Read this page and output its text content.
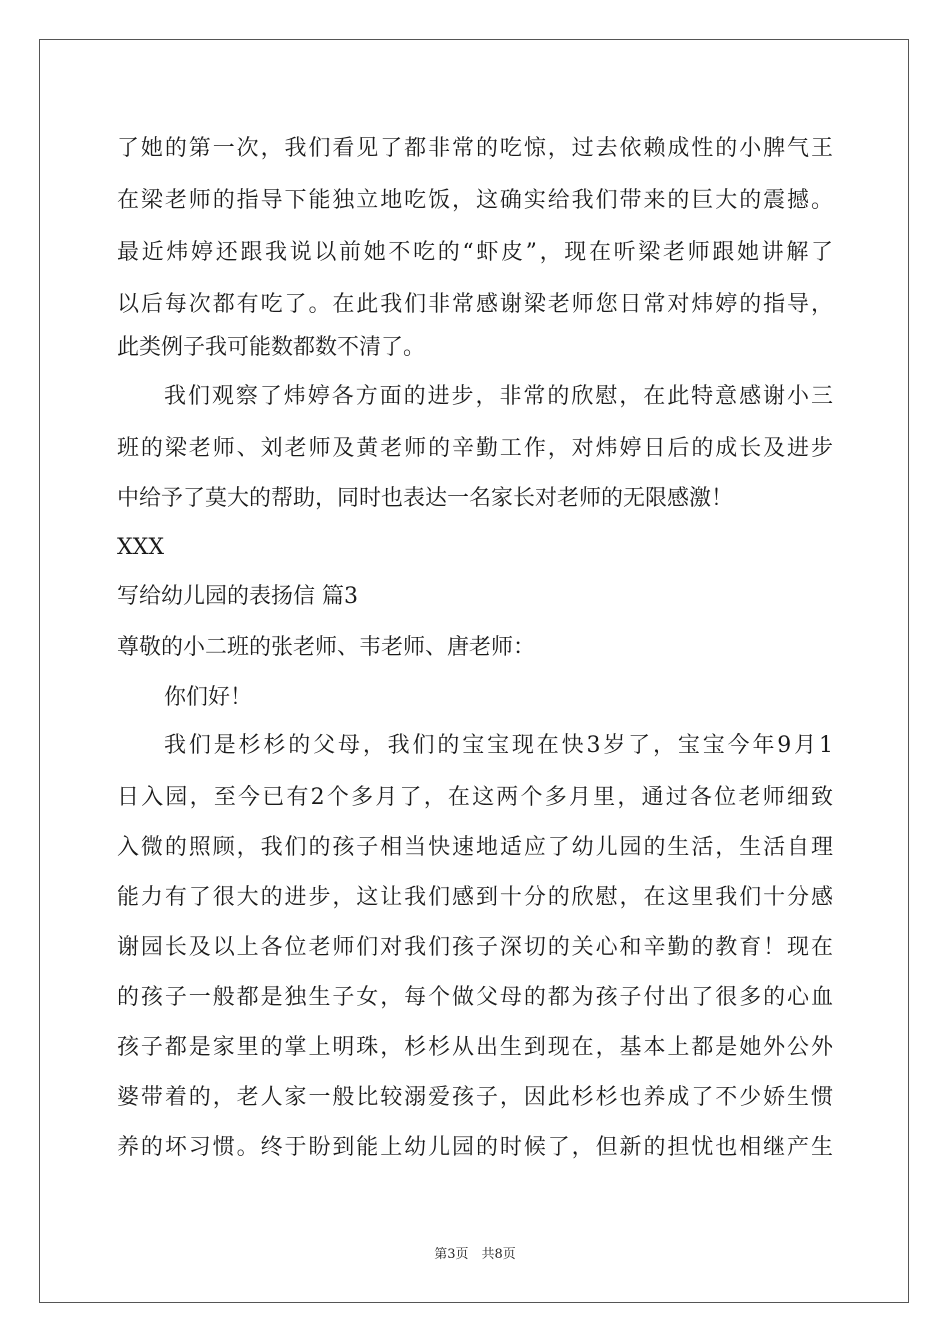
了她的第一次，我们看见了都非常的吃惊，过去依赖成性的小脾气王
在梁老师的指导下能独立地吃饭，这确实给我们带来的巨大的震撼。
最近炜婷还跟我说以前她不吃的“虾皮”，现在听梁老师跟她讲解了
以后每次都有吃了。在此我们非常感谢梁老师您日常对炜婷的指导，
此类例子我可能数都数不清了。
我们观察了炜婷各方面的进步，非常的欣慰，在此特意感谢小三
班的梁老师、刘老师及黄老师的辛勤工作，对炜婷日后的成长及进步
中给予了莫大的帮助，同时也表达一名家长对老师的无限感激！
XXX
写给幼儿园的表扬信 篇3
尊敬的小二班的张老师、韦老师、唐老师：
你们好！
我们是杉杉的父母，我们的宝宝现在快3岁了，宝宝今年9月1
日入园，至今已有2个多月了，在这两个多月里，通过各位老师细致
入微的照顾，我们的孩子相当快速地适应了幼儿园的生活，生活自理
能力有了很大的进步，这让我们感到十分的欣慰，在这里我们十分感
谢园长及以上各位老师们对我们孩子深切的关心和辛勤的教育！现在
的孩子一般都是独生子女，每个做父母的都为孩子付出了很多的心血
孩子都是家里的掌上明珠，杉杉从出生到现在，基本上都是她外公外
婆带着的，老人家一般比较溺爱孩子，因此杉杉也养成了不少娇生惯
养的坏习惯。终于盼到能上幼儿园的时候了，但新的担忧也相继产生
第3页　共8页
